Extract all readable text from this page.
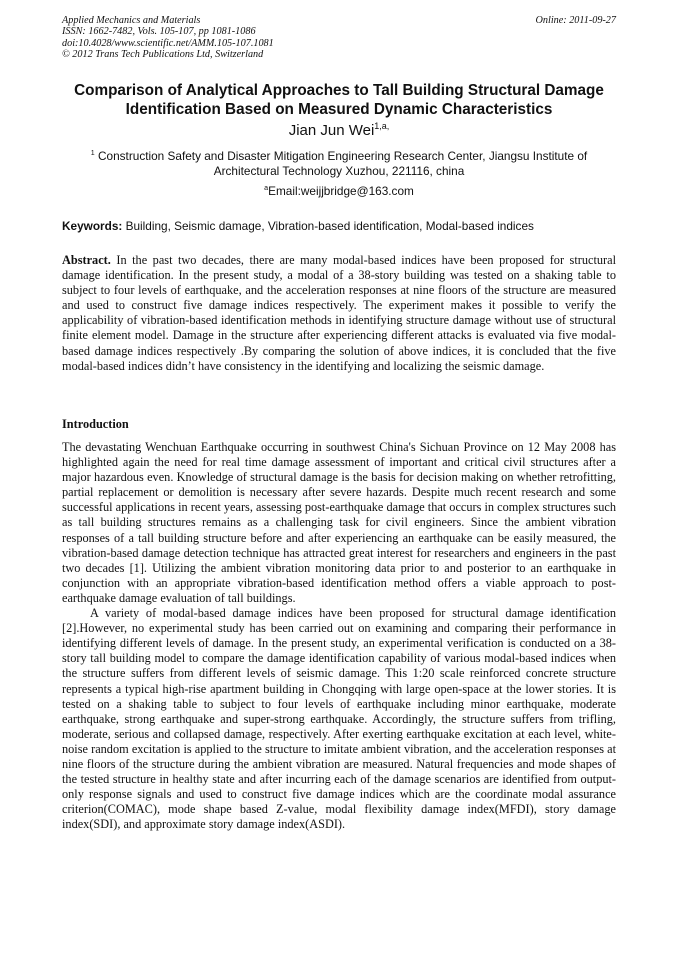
Applied Mechanics and Materials
ISSN: 1662-7482, Vols. 105-107, pp 1081-1086
doi:10.4028/www.scientific.net/AMM.105-107.1081
© 2012 Trans Tech Publications Ltd, Switzerland
Online: 2011-09-27
Comparison of Analytical Approaches to Tall Building Structural Damage Identification Based on Measured Dynamic Characteristics
Jian Jun Wei$^{1,a,}$
$^1$ Construction Safety and Disaster Mitigation Engineering Research Center, Jiangsu Institute of Architectural Technology Xuzhou, 221116, china
$^a$Email:weijjbridge@163.com
Keywords: Building, Seismic damage, Vibration-based identification, Modal-based indices

Abstract. In the past two decades, there are many modal-based indices have been proposed for structural damage identification. In the present study, a modal of a 38-story building was tested on a shaking table to subject to four levels of earthquake, and the acceleration responses at nine floors of the structure are measured and used to construct five damage indices respectively. The experiment makes it possible to verify the applicability of vibration-based identification methods in identifying structure damage without use of structural finite element model. Damage in the structure after experiencing different attacks is evaluated via five modal-based damage indices respectively .By comparing the solution of above indices, it is concluded that the five modal-based indices didn’t have consistency in the identifying and localizing the seismic damage.

Introduction

The devastating Wenchuan Earthquake occurring in southwest China's Sichuan Province on 12 May 2008 has highlighted again the need for real time damage assessment of important and critical civil structures after a major hazardous even. Knowledge of structural damage is the basis for decision making on whether retrofitting, partial replacement or demolition is necessary after severe hazards. Despite much recent research and some successful applications in recent years, assessing post-earthquake damage that occurs in complex structures such as tall building structures remains as a challenging task for civil engineers. Since the ambient vibration responses of a tall building structure before and after experiencing an earthquake can be easily measured, the vibration-based damage detection technique has attracted great interest for researchers and engineers in the past two decades [1]. Utilizing the ambient vibration monitoring data prior to and posterior to an earthquake in conjunction with an appropriate vibration-based identification method offers a viable approach to post-earthquake damage evaluation of tall buildings.

A variety of modal-based damage indices have been proposed for structural damage identification [2].However, no experimental study has been carried out on examining and comparing their performance in identifying different levels of damage. In the present study, an experimental verification is conducted on a 38-story tall building model to compare the damage identification capability of various modal-based indices when the structure suffers from different levels of seismic damage. This 1:20 scale reinforced concrete structure represents a typical high-rise apartment building in Chongqing with large open-space at the lower stories. It is tested on a shaking table to subject to four levels of earthquake including minor earthquake, moderate earthquake, strong earthquake and super-strong earthquake. Accordingly, the structure suffers from trifling, moderate, serious and collapsed damage, respectively. After exerting earthquake excitation at each level, white-noise random excitation is applied to the structure to imitate ambient vibration, and the acceleration responses at nine floors of the structure during the ambient vibration are measured. Natural frequencies and mode shapes of the tested structure in healthy state and after incurring each of the damage scenarios are identified from output-only response signals and used to construct five damage indices which are the coordinate modal assurance criterion(COMAC), mode shape based Z-value, modal flexibility damage index(MFDI), story damage index(SDI), and approximate story damage index(ASDI).
